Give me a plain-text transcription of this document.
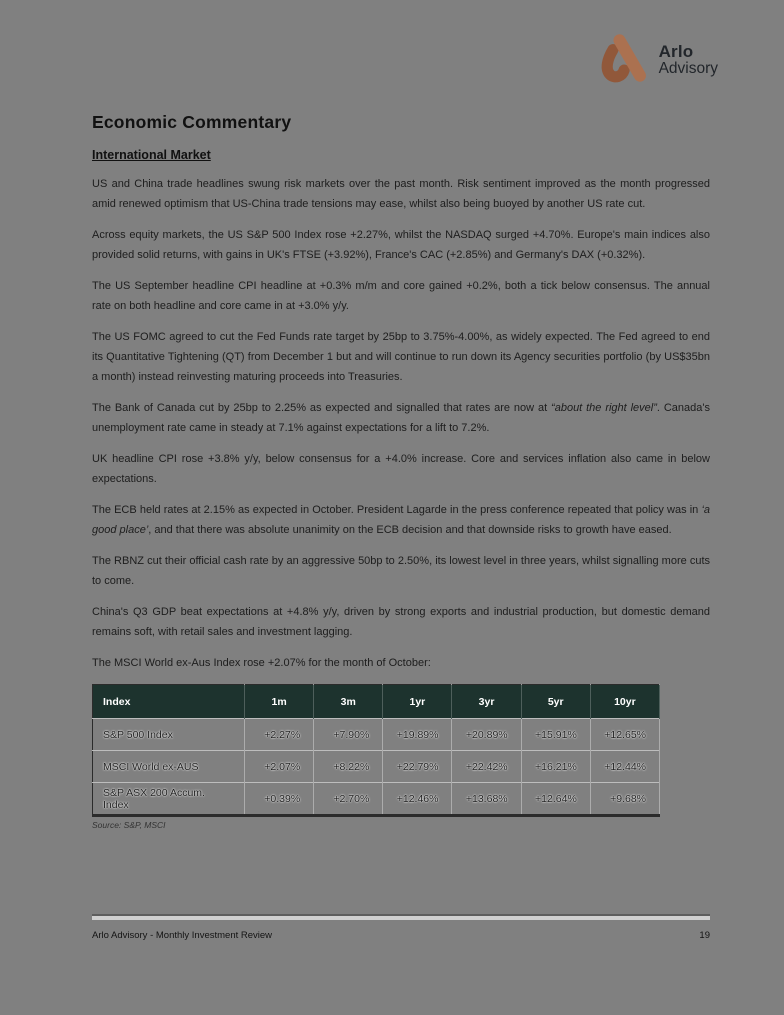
Arlo
Advisory
Economic Commentary
International Market

US and China trade headlines swung risk markets over the past month. Risk sentiment improved as the month progressed amid renewed optimism that US-China trade tensions may ease, whilst also being buoyed by another US rate cut.

Across equity markets, the US S&P 500 Index rose +2.27%, whilst the NASDAQ surged +4.70%. Europe's main indices also provided solid returns, with gains in UK's FTSE (+3.92%), France's CAC (+2.85%) and Germany's DAX (+0.32%).

The US September headline CPI headline at +0.3% m/m and core gained +0.2%, both a tick below consensus. The annual rate on both headline and core came in at +3.0% y/y.

The US FOMC agreed to cut the Fed Funds rate target by 25bp to 3.75%-4.00%, as widely expected. The Fed agreed to end its Quantitative Tightening (QT) from December 1 but and will continue to run down its Agency securities portfolio (by US$35bn a month) instead reinvesting maturing proceeds into Treasuries.

The Bank of Canada cut by 25bp to 2.25% as expected and signalled that rates are now at “about the right level”. Canada's unemployment rate came in steady at 7.1% against expectations for a lift to 7.2%.

UK headline CPI rose +3.8% y/y, below consensus for a +4.0% increase. Core and services inflation also came in below expectations.

The ECB held rates at 2.15% as expected in October. President Lagarde in the press conference repeated that policy was in ‘a good place’, and that there was absolute unanimity on the ECB decision and that downside risks to growth have eased.

The RBNZ cut their official cash rate by an aggressive 50bp to 2.50%, its lowest level in three years, whilst signalling more cuts to come.

China's Q3 GDP beat expectations at +4.8% y/y, driven by strong exports and industrial production, but domestic demand remains soft, with retail sales and investment lagging.

The MSCI World ex-Aus Index rose +2.07% for the month of October:

Index	1m	3m	1yr	3yr	5yr	10yr
S&P 500 Index	+2.27%	+7.90%	+19.89%	+20.89%	+15.91%	+12.65%
MSCI World ex-AUS	+2.07%	+8.22%	+22.79%	+22.42%	+16.21%	+12.44%
S&P ASX 200 Accum. Index	+0.39%	+2.70%	+12.46%	+13.68%	+12.64%	+9.68%
Source: S&P, MSCI
Arlo Advisory - Monthly Investment Review	19
